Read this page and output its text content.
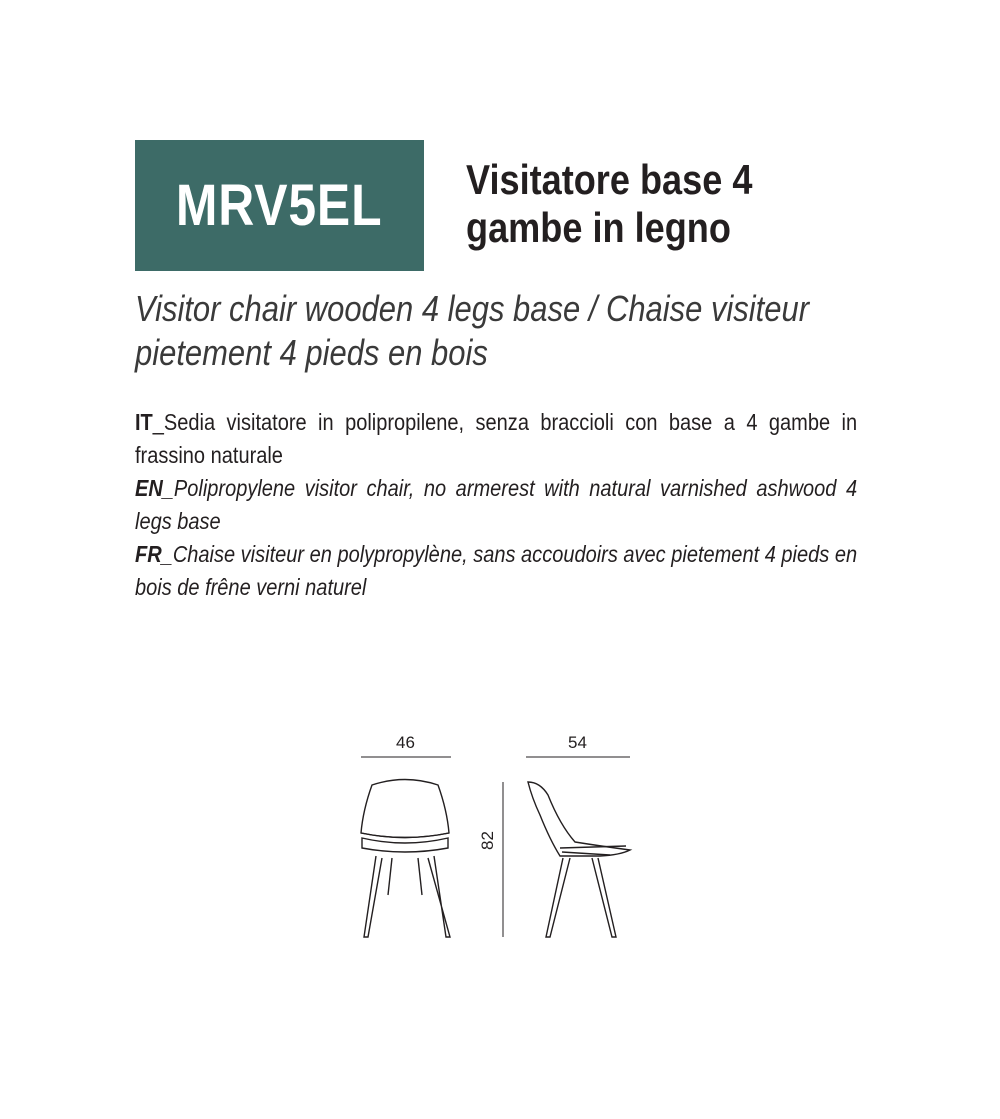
MRV5EL Visitatore base 4 gambe in legno
Visitor chair wooden 4 legs base / Chaise visiteur pietement 4 pieds en bois

IT_Sedia visitatore in polipropilene, senza braccioli con base a 4 gambe in frassino naturale

EN_Polipropylene visitor chair, no armerest with natural varnished ashwood 4 legs base

FR_Chaise visiteur en polypropylène, sans accoudoirs avec pietement 4 pieds en bois de frêne verni naturel

46	54
82
